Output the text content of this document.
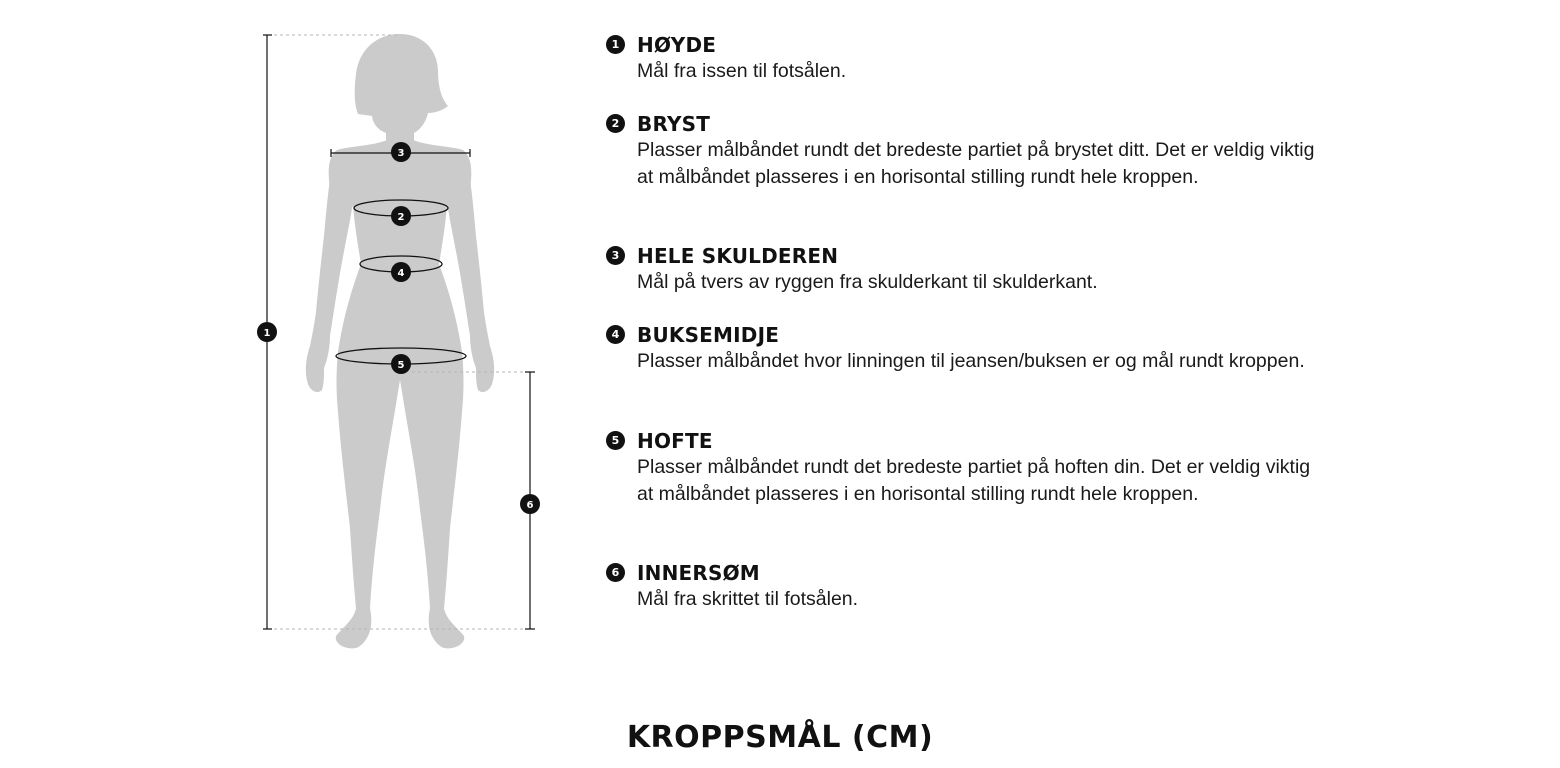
1
3
2
4
5
6
1 HØYDE
Mål fra issen til fotsålen.
2 BRYST
Plasser målbåndet rundt det bredeste partiet på brystet ditt. Det er veldig viktig at målbåndet plasseres i en horisontal stilling rundt hele kroppen.
3 HELE SKULDEREN
Mål på tvers av ryggen fra skulderkant til skulderkant.
4 BUKSEMIDJE
Plasser målbåndet hvor linningen til jeansen/buksen er og mål rundt kroppen.
5 HOFTE
Plasser målbåndet rundt det bredeste partiet på hoften din. Det er veldig viktig at målbåndet plasseres i en horisontal stilling rundt hele kroppen.
6 INNERSØM
Mål fra skrittet til fotsålen.
KROPPSMÅL (CM)
